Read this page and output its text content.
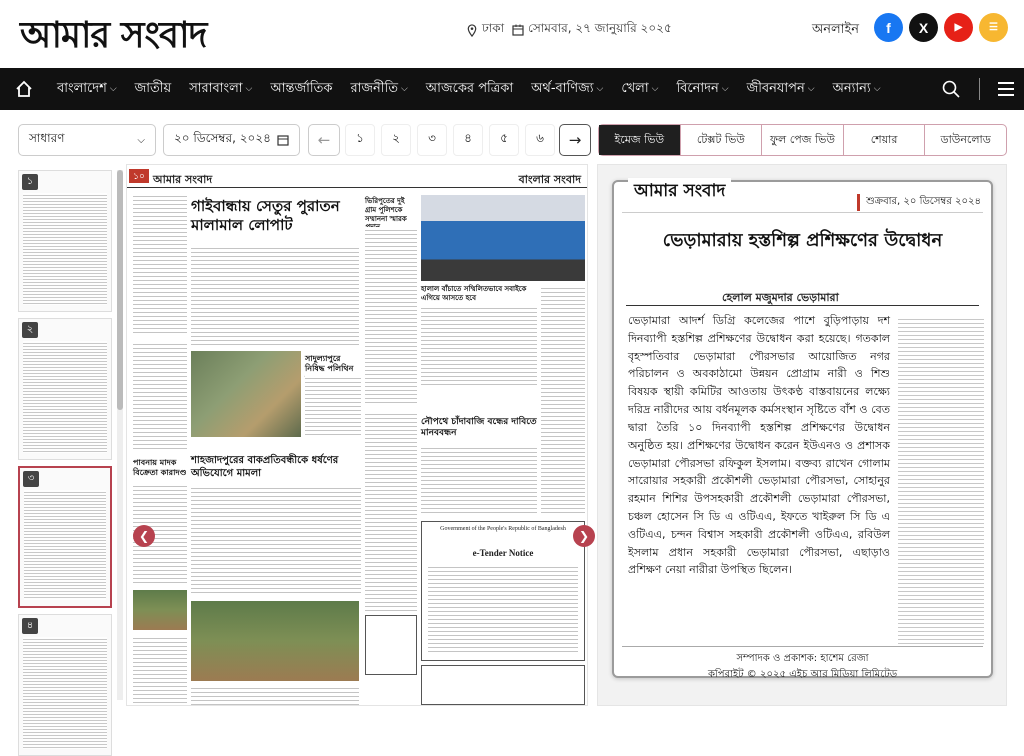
আমার সংবাদ	ঢাকা সোমবার, ২৭ জানুয়ারি ২০২৫	অনলাইন	f	X	▶	☰
বাংলাদেশ ⌵ জাতীয় সারাবাংলা ⌵ আন্তর্জাতিক রাজনীতি ⌵ আজকের পত্রিকা অর্থ-বাণিজ্য ⌵ খেলা ⌵ বিনোদন ⌵ জীবনযাপন ⌵ অন্যান্য ⌵
সাধারণ	⌵ ২০ ডিসেম্বর, ২০২৪	←	১	২	৩	৪	৫	৬	→	ইমেজ ভিউ	টেক্সট ভিউ	ফুল পেজ ভিউ	শেয়ার	ডাউনলোড
১
২
৩
৪
১০ আমার সংবাদ	বাংলার সংবাদ
পাবনায় মাদক বিক্রেতা কারাদণ্ড
গাইবান্ধায় সেতুর পুরাতন মালামাল লোপাট
সাদুল্যাপুরে নিষিদ্ধ পলিথিন
শাহজাদপুরের বাকপ্রতিবন্ধীকে ধর্ষণের অভিযোগে মামলা
ভিরিপুতের দুই গ্রাম পুলিশকে সম্মাননা স্মারক
হালাল বাঁচাতে সম্মিলিতভাবে সবাইকে এগিয়ে আসতে হবে
নৌপথে চাঁদাবাজি বন্ধের দাবিতে মানববন্ধন
Government of the People's Republic of Bangladesh
e-Tender Notice
❮	❯
আমার সংবাদ
শুক্রবার, ২০ ডিসেম্বর ২০২৪
ভেড়ামারায় হস্তশিল্প প্রশিক্ষণের উদ্বোধন
হেলাল মজুমদার ভেড়ামারা
ভেড়ামারা আদর্শ ডিগ্রি কলেজের পাশে বুড়িপাড়ায় দশ দিনব্যাপী হস্তশিল্প প্রশিক্ষণের উদ্বোধন করা হয়েছে। গতকাল বৃহস্পতিবার ভেড়ামারা পৌরসভার আয়োজিত নগর পরিচালন ও অবকাঠামো উন্নয়ন প্রোগ্রাম নারী ও শিশু বিষয়ক স্থায়ী কমিটির আওতায় উৎকণ্ঠ বাস্তবায়নের লক্ষ্যে দরিদ্র নারীদের আয় বর্ধনমূলক কর্মসংস্থান সৃষ্টিতে বাঁশ ও বেত দ্বারা তৈরি ১০ দিনব্যাপী হস্তশিল্প প্রশিক্ষণের উদ্বোধন অনুষ্ঠিত হয়। প্রশিক্ষণের উদ্বোধন করেন ইউএনও ও প্রশাসক ভেড়ামারা পৌরসভা রফিকুল ইসলাম। বক্তব্য রাখেন গোলাম সারোয়ার সহকারী প্রকৌশলী ভেড়ামারা পৌরসভা, সোহানুর রহমান শিশির উপসহকারী প্রকৌশলী ভেড়ামারা পৌরসভা, চঞ্চল হোসেন সি ডি এ ওটিএএ, ইফতে খাইরুল সি ডি এ ওটিএএ, চন্দন বিশ্বাস সহকারী প্রকৌশলী ওটিএএ, রবিউল ইসলাম প্রধান সহকারী ভেড়ামারা পৌরসভা, এছাড়াও প্রশিক্ষণ নেয়া নারীরা উপস্থিত ছিলেন।
সম্পাদক ও প্রকাশক: হাশেম রেজা
কপিরাইট © ২০২৫ এইচ আর মিডিয়া লিমিটেড
